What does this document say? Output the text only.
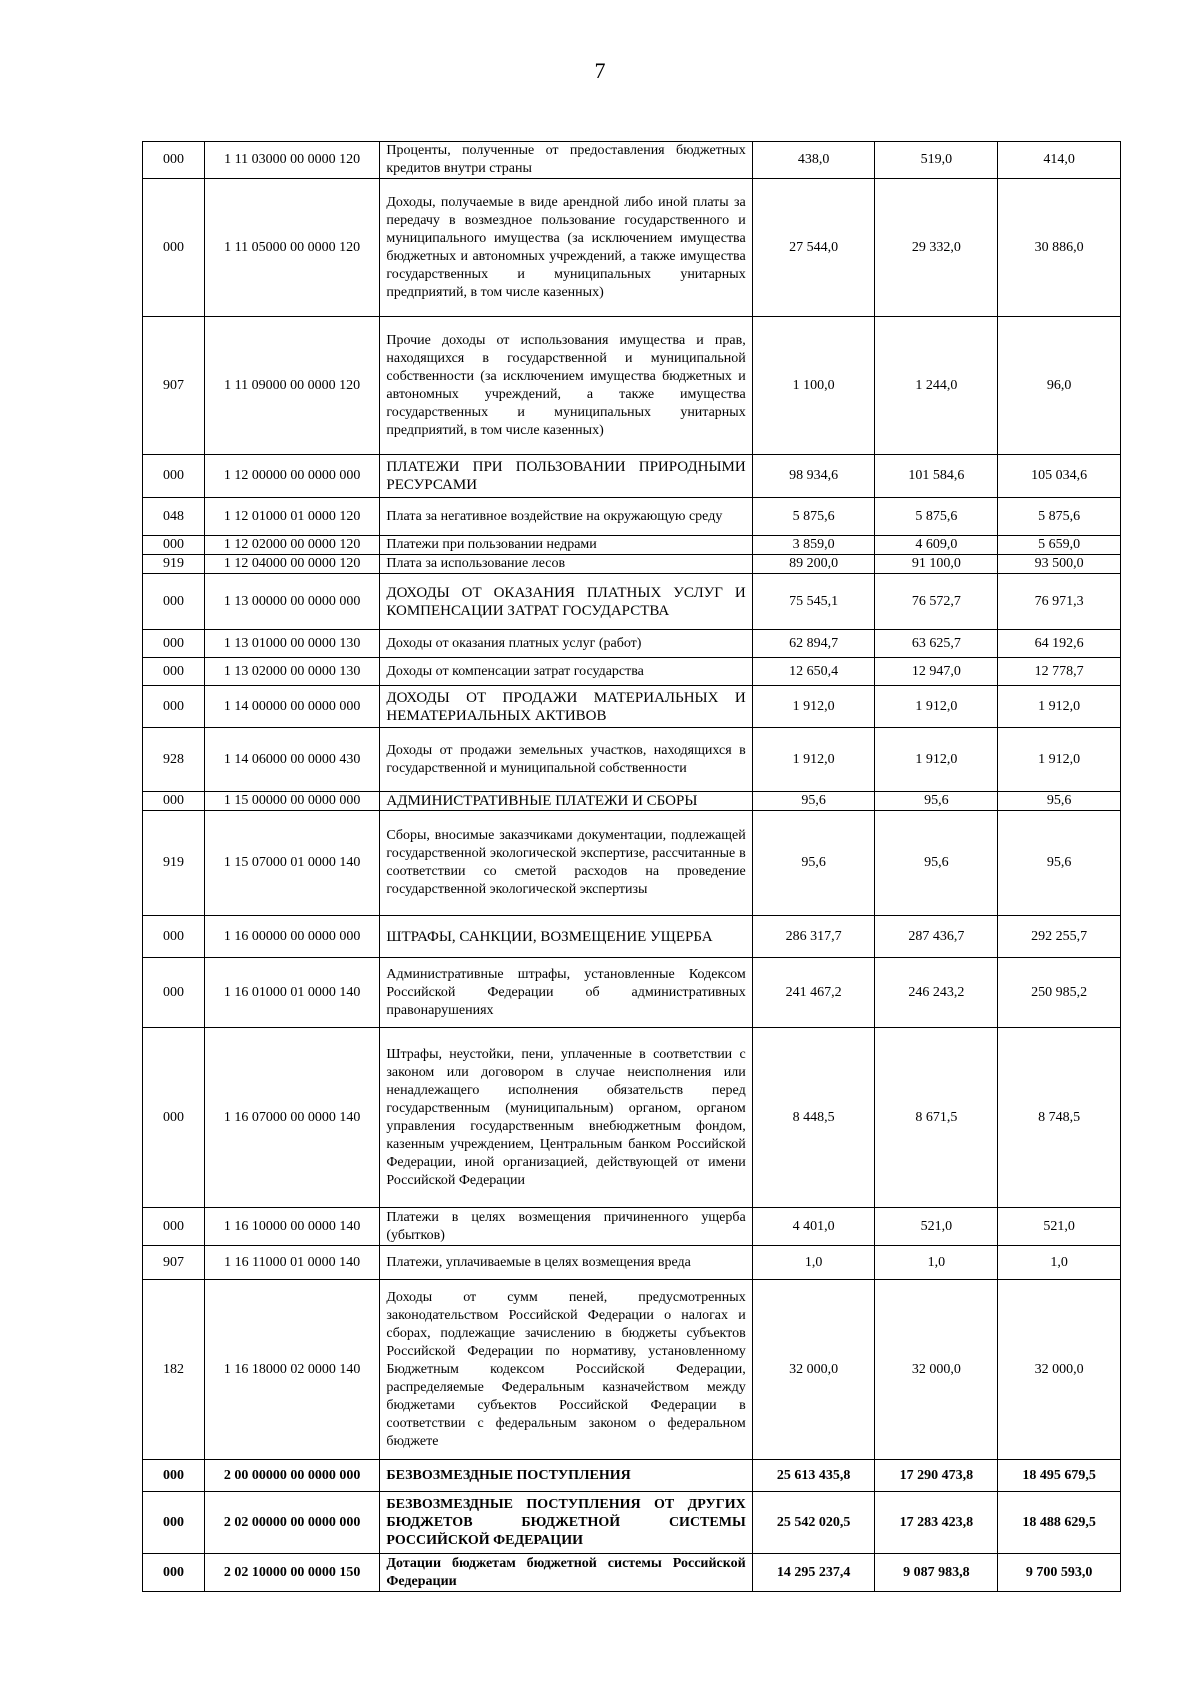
7
000	1 11 03000 00 0000 120	Проценты, полученные от предоставления бюджетных кредитов внутри страны	438,0	519,0	414,0
000	1 11 05000 00 0000 120	Доходы, получаемые в виде арендной либо иной платы за передачу в возмездное пользование государственного и муниципального имущества (за исключением имущества бюджетных и автономных учреждений, а также имущества государственных и муниципальных унитарных предприятий, в том числе казенных)	27 544,0	29 332,0	30 886,0
907	1 11 09000 00 0000 120	Прочие доходы от использования имущества и прав, находящихся в государственной и муниципальной собственности (за исключением имущества бюджетных и автономных учреждений, а также имущества государственных и муниципальных унитарных предприятий, в том числе казенных)	1 100,0	1 244,0	96,0
000	1 12 00000 00 0000 000	ПЛАТЕЖИ ПРИ ПОЛЬЗОВАНИИ ПРИРОДНЫМИ РЕСУРСАМИ	98 934,6	101 584,6	105 034,6
048	1 12 01000 01 0000 120	Плата за негативное воздействие на окружающую среду	5 875,6	5 875,6	5 875,6
000	1 12 02000 00 0000 120	Платежи при пользовании недрами	3 859,0	4 609,0	5 659,0
919	1 12 04000 00 0000 120	Плата за использование лесов	89 200,0	91 100,0	93 500,0
000	1 13 00000 00 0000 000	ДОХОДЫ ОТ ОКАЗАНИЯ ПЛАТНЫХ УСЛУГ И КОМПЕНСАЦИИ ЗАТРАТ ГОСУДАРСТВА	75 545,1	76 572,7	76 971,3
000	1 13 01000 00 0000 130	Доходы от оказания платных услуг (работ)	62 894,7	63 625,7	64 192,6
000	1 13 02000 00 0000 130	Доходы от компенсации затрат государства	12 650,4	12 947,0	12 778,7
000	1 14 00000 00 0000 000	ДОХОДЫ ОТ ПРОДАЖИ МАТЕРИАЛЬНЫХ И НЕМАТЕРИАЛЬНЫХ АКТИВОВ	1 912,0	1 912,0	1 912,0
928	1 14 06000 00 0000 430	Доходы от продажи земельных участков, находящихся в государственной и муниципальной собственности	1 912,0	1 912,0	1 912,0
000	1 15 00000 00 0000 000	АДМИНИСТРАТИВНЫЕ ПЛАТЕЖИ И СБОРЫ	95,6	95,6	95,6
919	1 15 07000 01 0000 140	Сборы, вносимые заказчиками документации, подлежащей государственной экологической экспертизе, рассчитанные в соответствии со сметой расходов на проведение государственной экологической экспертизы	95,6	95,6	95,6
000	1 16 00000 00 0000 000	ШТРАФЫ, САНКЦИИ, ВОЗМЕЩЕНИЕ УЩЕРБА	286 317,7	287 436,7	292 255,7
000	1 16 01000 01 0000 140	Административные штрафы, установленные Кодексом Российской Федерации об административных правонарушениях	241 467,2	246 243,2	250 985,2
000	1 16 07000 00 0000 140	Штрафы, неустойки, пени, уплаченные в соответствии с законом или договором в случае неисполнения или ненадлежащего исполнения обязательств перед государственным (муниципальным) органом, органом управления государственным внебюджетным фондом, казенным учреждением, Центральным банком Российской Федерации, иной организацией, действующей от имени Российской Федерации	8 448,5	8 671,5	8 748,5
000	1 16 10000 00 0000 140	Платежи в целях возмещения причиненного ущерба (убытков)	4 401,0	521,0	521,0
907	1 16 11000 01 0000 140	Платежи, уплачиваемые в целях возмещения вреда	1,0	1,0	1,0
182	1 16 18000 02 0000 140	Доходы от сумм пеней, предусмотренных законодательством Российской Федерации о налогах и сборах, подлежащие зачислению в бюджеты субъектов Российской Федерации по нормативу, установленному Бюджетным кодексом Российской Федерации, распределяемые Федеральным казначейством между бюджетами субъектов Российской Федерации в соответствии с федеральным законом о федеральном бюджете	32 000,0	32 000,0	32 000,0
000	2 00 00000 00 0000 000	БЕЗВОЗМЕЗДНЫЕ ПОСТУПЛЕНИЯ	25 613 435,8	17 290 473,8	18 495 679,5
000	2 02 00000 00 0000 000	БЕЗВОЗМЕЗДНЫЕ ПОСТУПЛЕНИЯ ОТ ДРУГИХ БЮДЖЕТОВ БЮДЖЕТНОЙ СИСТЕМЫ РОССИЙСКОЙ ФЕДЕРАЦИИ	25 542 020,5	17 283 423,8	18 488 629,5
000	2 02 10000 00 0000 150	Дотации бюджетам бюджетной системы Российской Федерации	14 295 237,4	9 087 983,8	9 700 593,0
